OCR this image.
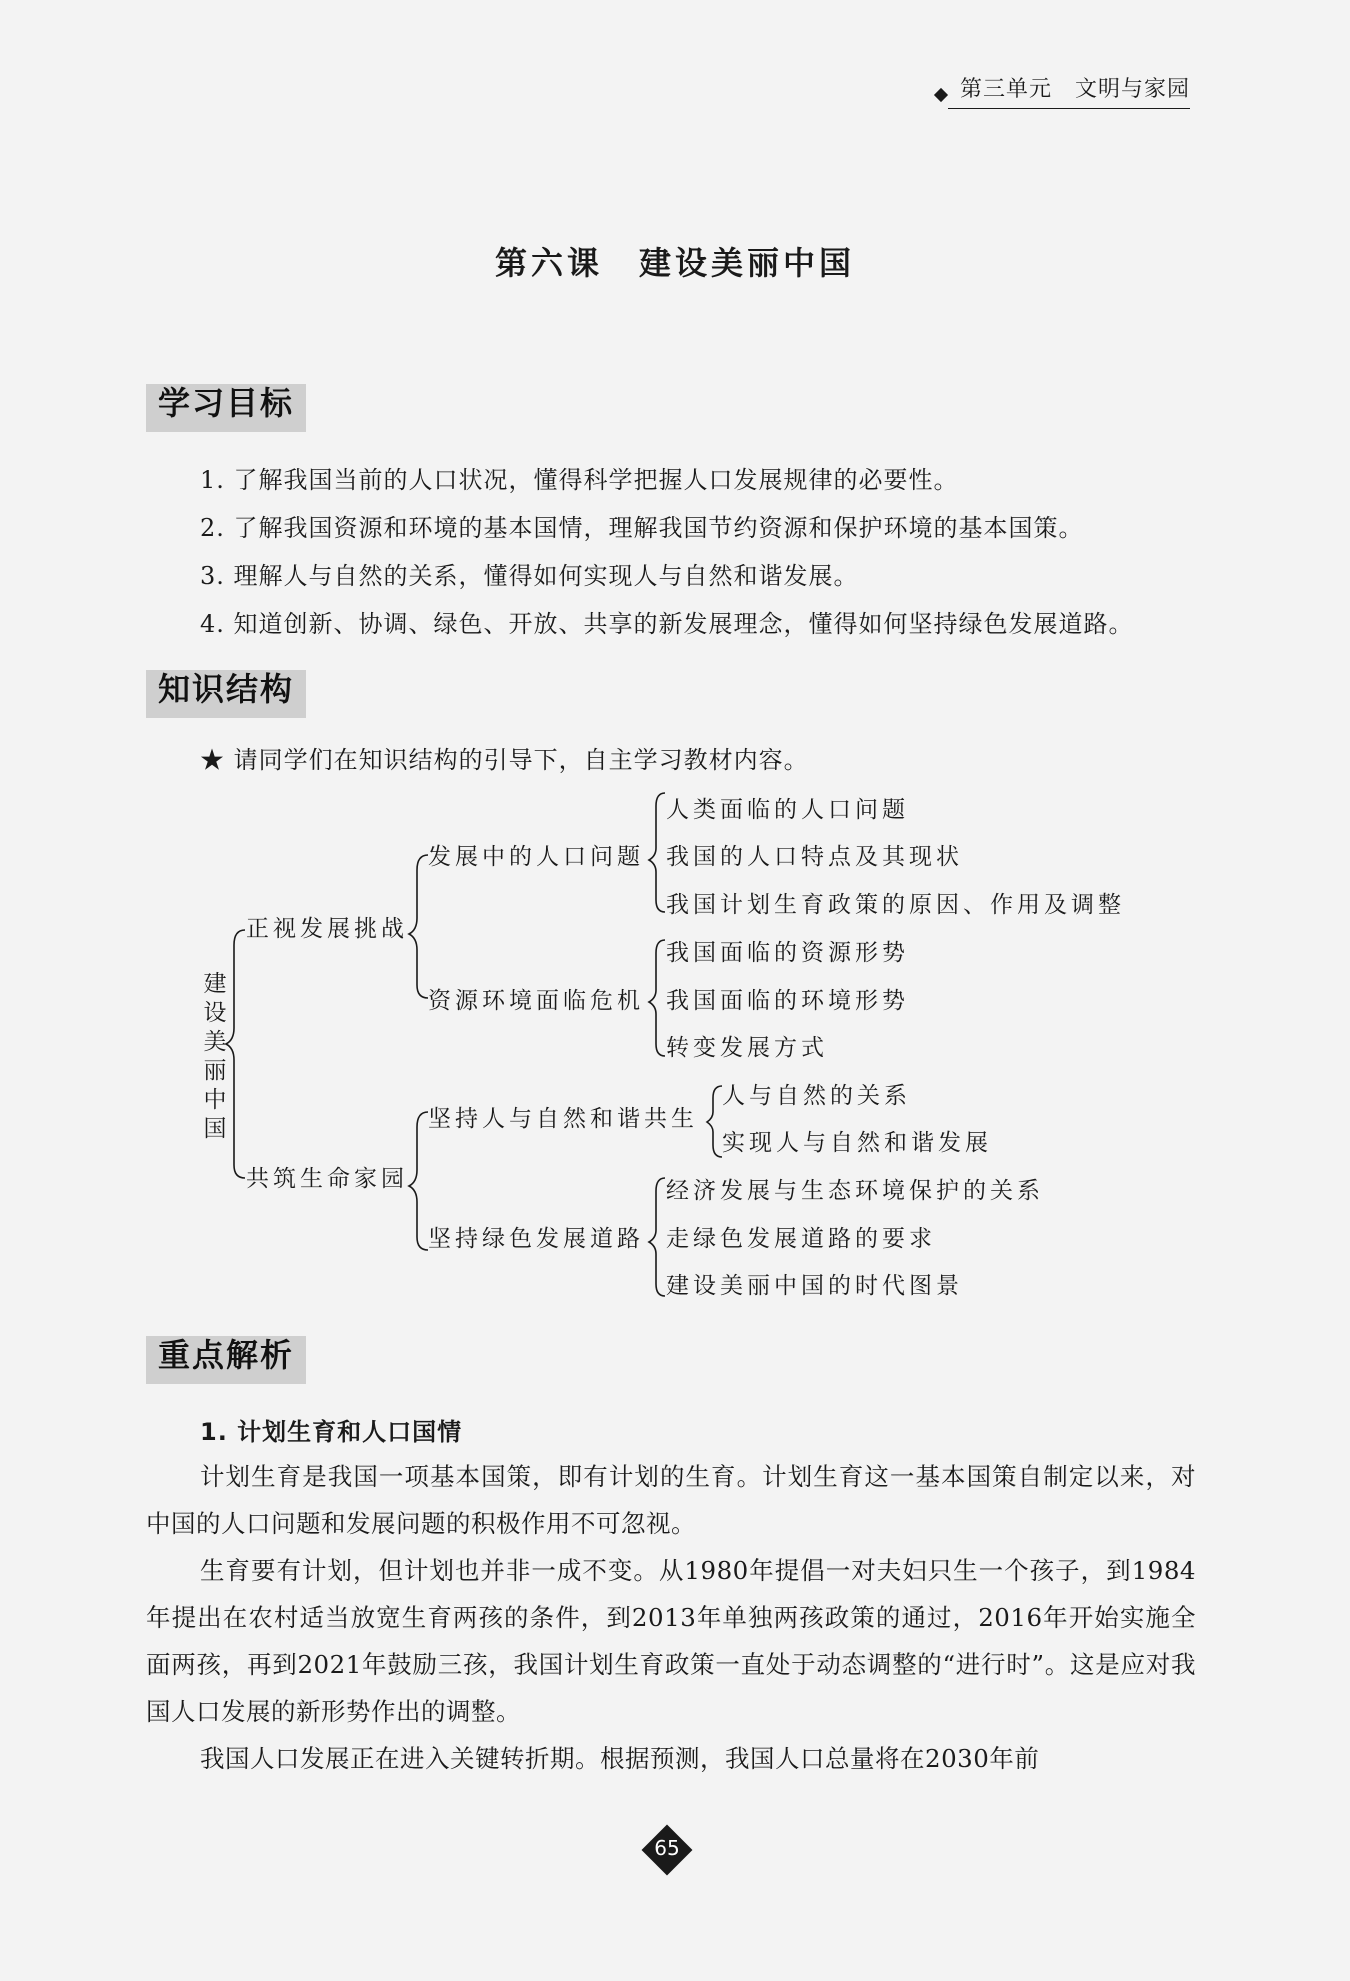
第三单元　文明与家园
第六课　建设美丽中国
学习目标
1. 了解我国当前的人口状况，懂得科学把握人口发展规律的必要性。
2. 了解我国资源和环境的基本国情，理解我国节约资源和保护环境的基本国策。
3. 理解人与自然的关系，懂得如何实现人与自然和谐发展。
4. 知道创新、协调、绿色、开放、共享的新发展理念，懂得如何坚持绿色发展道路。
知识结构
★ 请同学们在知识结构的引导下，自主学习教材内容。
建设美丽中国
正视发展挑战
共筑生命家园
发展中的人口问题
资源环境面临危机
坚持人与自然和谐共生
坚持绿色发展道路
人类面临的人口问题
我国的人口特点及其现状
我国计划生育政策的原因、作用及调整
我国面临的资源形势
我国面临的环境形势
转变发展方式
人与自然的关系
实现人与自然和谐发展
经济发展与生态环境保护的关系
走绿色发展道路的要求
建设美丽中国的时代图景
重点解析
1. 计划生育和人口国情
计划生育是我国一项基本国策，即有计划的生育。计划生育这一基本国策自制定以来，对中国的人口问题和发展问题的积极作用不可忽视。
生育要有计划，但计划也并非一成不变。从1980年提倡一对夫妇只生一个孩子，到1984年提出在农村适当放宽生育两孩的条件，到2013年单独两孩政策的通过，2016年开始实施全面两孩，再到2021年鼓励三孩，我国计划生育政策一直处于动态调整的“进行时”。这是应对我国人口发展的新形势作出的调整。
我国人口发展正在进入关键转折期。根据预测，我国人口总量将在2030年前
65
